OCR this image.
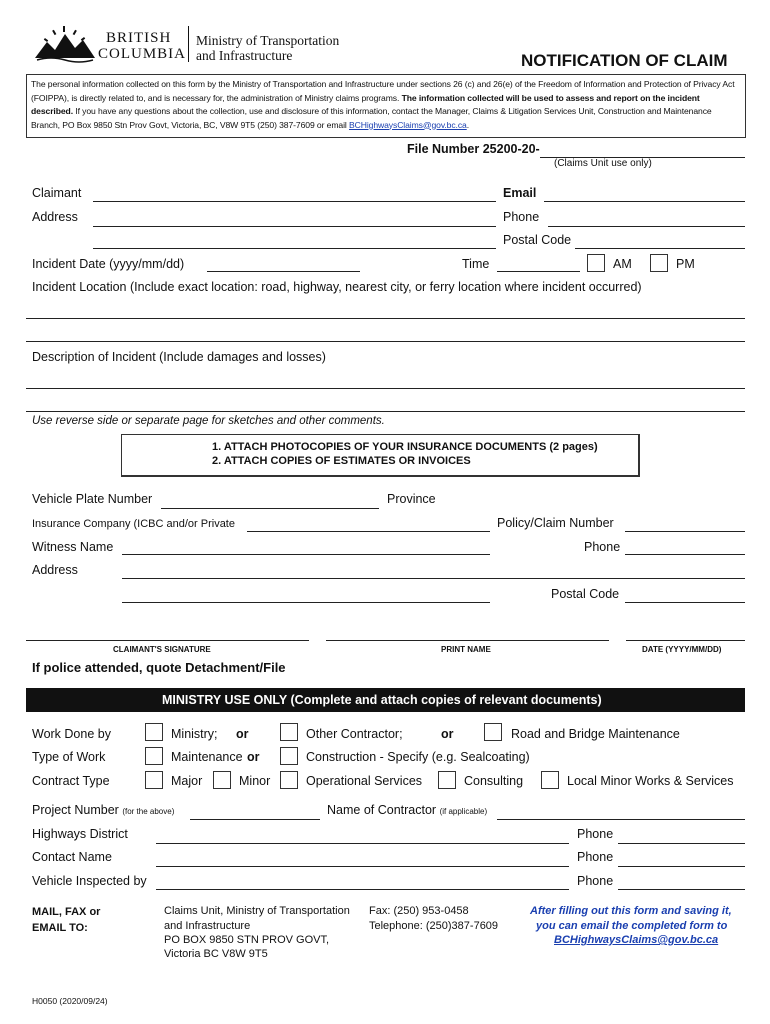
BRITISH
COLUMBIA
Ministry of Transportation
and Infrastructure	NOTIFICATION OF CLAIM
The personal information collected on this form by the Ministry of Transportation and Infrastructure under sections 26 (c) and 26(e) of the Freedom of Information and Protection of Privacy Act (FOIPPA), is directly related to, and is necessary for, the administration of Ministry claims programs. The information collected will be used to assess and report on the incident described. If you have any questions about the collection, use and disclosure of this information, contact the Manager, Claims & Litigation Services Unit, Construction and Maintenance Branch, PO Box 9850 Stn Prov Govt, Victoria, BC, V8W 9T5 (250) 387-7609 or email BCHighwaysClaims@gov.bc.ca.
File Number 25200-20-
(Claims Unit use only)
Claimant	Email
Address	Phone
Postal Code
Incident Date (yyyy/mm/dd)	Time	AM	PM
Incident Location (Include exact location: road, highway, nearest city, or ferry location where incident occurred)
Description of Incident (Include damages and losses)
Use reverse side or separate page for sketches and other comments.
1. ATTACH PHOTOCOPIES OF YOUR INSURANCE DOCUMENTS (2 pages)
2. ATTACH COPIES OF ESTIMATES OR INVOICES
Vehicle Plate Number	Province
Insurance Company (ICBC and/or Private	Policy/Claim Number
Witness Name	Phone
Address
Postal Code
CLAIMANT'S SIGNATURE	PRINT NAME	DATE (YYYY/MM/DD)
If police attended, quote Detachment/File
MINISTRY USE ONLY (Complete and attach copies of relevant documents)
Work Done by	Ministry; or	Other Contractor;	or	Road and Bridge Maintenance
Type of Work	Maintenance or	Construction - Specify (e.g. Sealcoating)
Contract Type	Major	Minor	Operational Services	Consulting	Local Minor Works & Services
Project Number (for the above)	Name of Contractor (if applicable)
Highways District	Phone
Contact Name	Phone
Vehicle Inspected by	Phone
MAIL, FAX or
EMAIL TO:
Claims Unit, Ministry of Transportation
and Infrastructure
PO BOX 9850 STN PROV GOVT,
Victoria BC V8W 9T5
Fax: (250) 953-0458
Telephone: (250)387-7609
After filling out this form and saving it,
you can email the completed form to
BCHighwaysClaims@gov.bc.ca
H0050 (2020/09/24)
